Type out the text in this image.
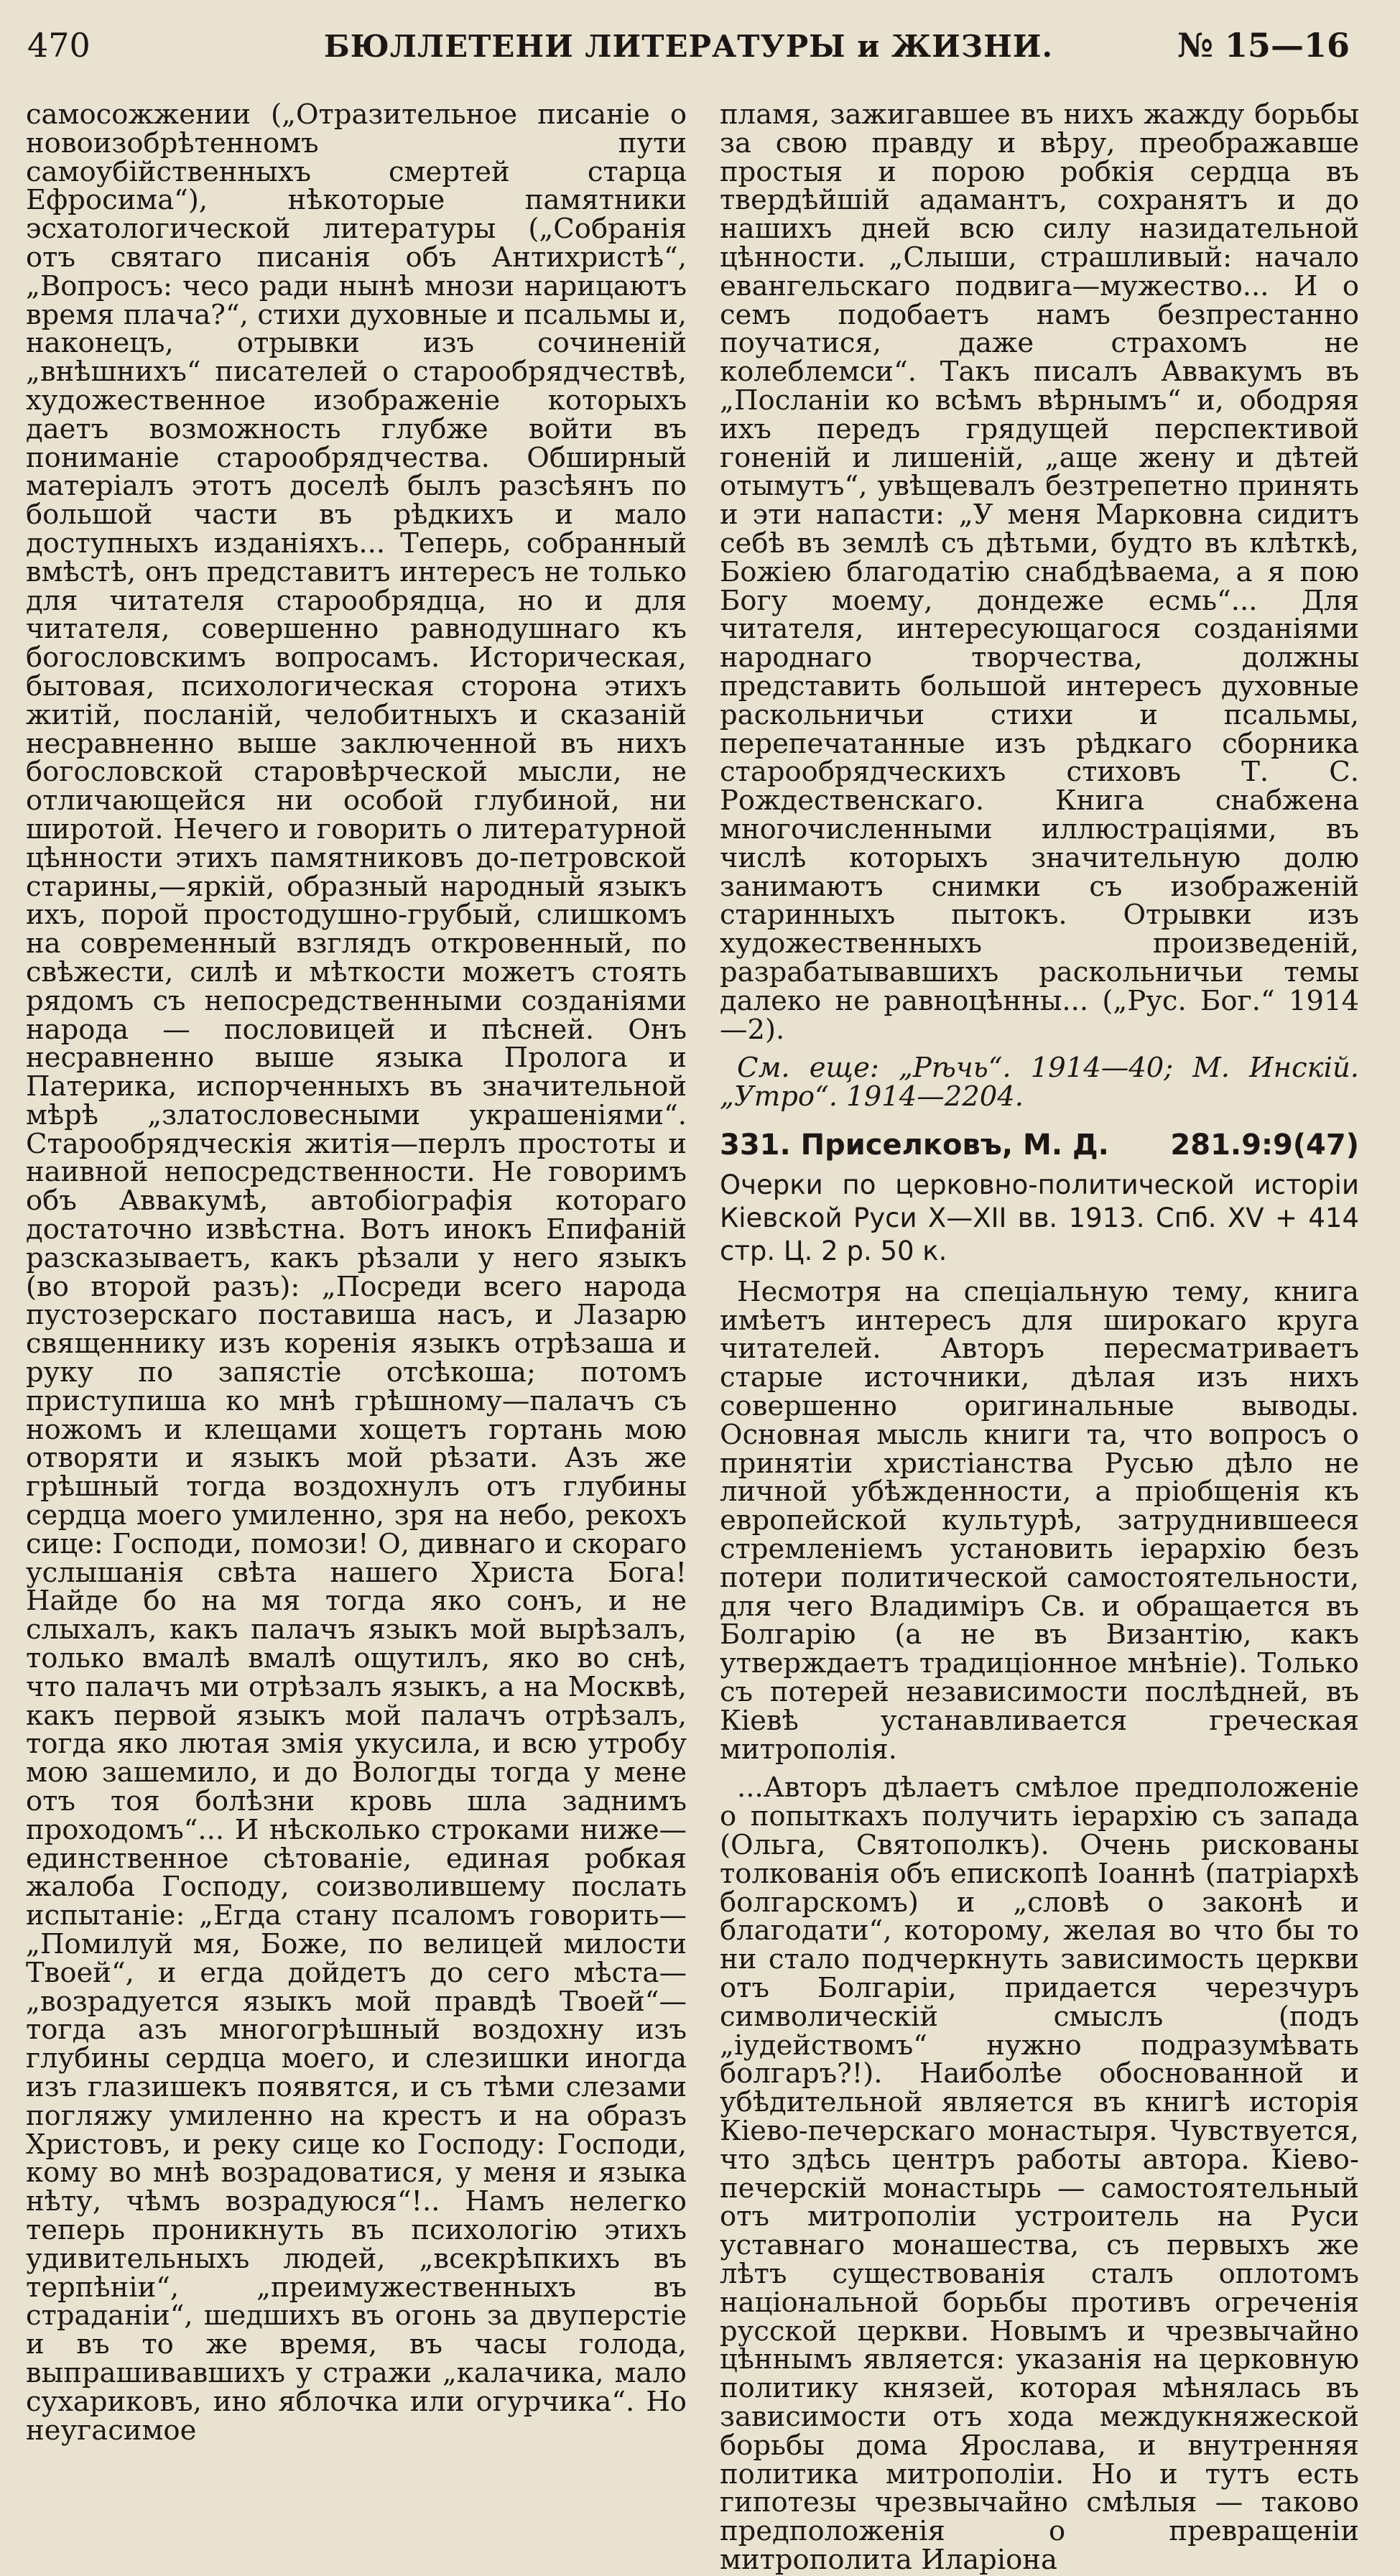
470	БЮЛЛЕТЕНИ ЛИТЕРАТУРЫ и ЖИЗНИ.	№ 15—16

самосожжении („Отразительное писаніе о новоизобрѣтенномъ пути самоубійственныхъ смертей старца Ефросима“), нѣкоторые памятники эсхатологической литературы („Собранія отъ святаго писанія объ Антихристѣ“, „Вопросъ: чесо ради нынѣ мнози нарицаютъ время плача?“, стихи духовные и псальмы и, наконецъ, отрывки изъ сочиненій „внѣшнихъ“ писателей о старообрядчествѣ, художественное изображеніе которыхъ даетъ возможность глубже войти въ пониманіе старообрядчества. Обширный матеріалъ этотъ доселѣ былъ разсѣянъ по большой части въ рѣдкихъ и мало доступныхъ изданіяхъ... Теперь, собранный вмѣстѣ, онъ представитъ интересъ не только для читателя старообрядца, но и для читателя, совершенно равнодушнаго къ богословскимъ вопросамъ. Историческая, бытовая, психологическая сторона этихъ житій, посланій, челобитныхъ и сказаній несравненно выше заключенной въ нихъ богословской старовѣрческой мысли, не отличающейся ни особой глубиной, ни широтой. Нечего и говорить о литературной цѣнности этихъ памятниковъ до-петровской старины,—яркій, образный народный языкъ ихъ, порой простодушно-грубый, слишкомъ на современный взглядъ откровенный, по свѣжести, силѣ и мѣткости можетъ стоять рядомъ съ непосредственными созданіями народа — пословицей и пѣсней. Онъ несравненно выше языка Пролога и Патерика, испорченныхъ въ значительной мѣрѣ „златословесными украшеніями“. Старообрядческія житія—перлъ простоты и наивной непосредственности. Не говоримъ объ Аввакумѣ, автобіографія котораго достаточно извѣстна. Вотъ инокъ Епифаній разсказываетъ, какъ рѣзали у него языкъ (во второй разъ): „Посреди всего народа пустозерскаго поставиша насъ, и Лазарю священнику изъ коренія языкъ отрѣзаша и руку по запястіе отсѣкоша; потомъ приступиша ко мнѣ грѣшному—палачъ съ ножомъ и клещами хощетъ гортань мою отворяти и языкъ мой рѣзати. Азъ же грѣшный тогда воздохнулъ отъ глубины сердца моего умиленно, зря на небо, рекохъ сице: Господи, помози! О, дивнаго и скораго услышанія свѣта нашего Христа Бога! Найде бо на мя тогда яко сонъ, и не слыхалъ, какъ палачъ языкъ мой вырѣзалъ, только вмалѣ вмалѣ ощутилъ, яко во снѣ, что палачъ ми отрѣзалъ языкъ, а на Москвѣ, какъ первой языкъ мой палачъ отрѣзалъ, тогда яко лютая змія укусила, и всю утробу мою зашемило, и до Вологды тогда у мене отъ тоя болѣзни кровь шла заднимъ проходомъ“... И нѣсколько строками ниже—единственное сѣтованіе, единая робкая жалоба Господу, соизволившему послать испытаніе: „Егда стану псаломъ говорить—„Помилуй мя, Боже, по велицей милости Твоей“, и егда дойдетъ до сего мѣста—„возрадуется языкъ мой правдѣ Твоей“—тогда азъ многогрѣшный воздохну изъ глубины сердца моего, и слезишки иногда изъ глазишекъ появятся, и съ тѣми слезами погляжу умиленно на крестъ и на образъ Христовъ, и реку сице ко Господу: Господи, кому во мнѣ возрадоватися, у меня и языка нѣту, чѣмъ возрадуюся“!.. Намъ нелегко теперь проникнуть въ психологію этихъ удивительныхъ людей, „всекрѣпкихъ въ терпѣніи“, „преимужественныхъ въ страданіи“, шедшихъ въ огонь за двуперстіе и въ то же время, въ часы голода, выпрашивавшихъ у стражи „калачика, мало сухариковъ, ино яблочка или огурчика“. Но неугасимое

пламя, зажигавшее въ нихъ жажду борьбы за свою правду и вѣру, преображавше простыя и порою робкія сердца въ твердѣйшій адамантъ, сохранятъ и до нашихъ дней всю силу назидательной цѣнности. „Слыши, страшливый: начало евангельскаго подвига—мужество... И о семъ подобаетъ намъ безпрестанно поучатися, даже страхомъ не колеблемси“. Такъ писалъ Аввакумъ въ „Посланіи ко всѣмъ вѣрнымъ“ и, ободряя ихъ передъ грядущей перспективой гоненій и лишеній, „аще жену и дѣтей отымутъ“, увѣщевалъ безтрепетно принять и эти напасти: „У меня Марковна сидитъ себѣ въ землѣ съ дѣтьми, будто въ клѣткѣ, Божіею благодатію снабдѣваема, а я пою Богу моему, дондеже есмь“... Для читателя, интересующагося созданіями народнаго творчества, должны представить большой интересъ духовные раскольничьи стихи и псальмы, перепечатанные изъ рѣдкаго сборника старообрядческихъ стиховъ Т. С. Рождественскаго. Книга снабжена многочисленными иллюстраціями, въ числѣ которыхъ значительную долю занимаютъ снимки съ изображеній старинныхъ пытокъ. Отрывки изъ художественныхъ произведеній, разрабатывавшихъ раскольничьи темы далеко не равноцѣнны... („Рус. Бог.“ 1914—2).

См. еще: „Рѣчь“. 1914—40; М. Инскій. „Утро“. 1914—2204.

331. Приселковъ, М. Д. 281.9:9(47)
Очерки по церковно-политической исторіи Кіевской Руси X—XII вв. 1913. Спб. XV + 414 стр. Ц. 2 р. 50 к.

Несмотря на спеціальную тему, книга имѣетъ интересъ для широкаго круга читателей. Авторъ пересматриваетъ старые источники, дѣлая изъ нихъ совершенно оригинальные выводы. Основная мысль книги та, что вопросъ о принятіи христіанства Русью дѣло не личной убѣжденности, а пріобщенія къ европейской культурѣ, затруднившееся стремленіемъ установить іерархію безъ потери политической самостоятельности, для чего Владиміръ Св. и обращается въ Болгарію (а не въ Византію, какъ утверждаетъ традиціонное мнѣніе). Только съ потерей независимости послѣдней, въ Кіевѣ устанавливается греческая митрополія.

...Авторъ дѣлаетъ смѣлое предположеніе о попыткахъ получить іерархію съ запада (Ольга, Святополкъ). Очень рискованы толкованія объ епископѣ Іоаннѣ (патріархѣ болгарскомъ) и „словѣ о законѣ и благодати“, которому, желая во что бы то ни стало подчеркнуть зависимость церкви отъ Болгаріи, придается черезчуръ символическій смыслъ (подъ „іудействомъ“ нужно подразумѣвать болгаръ?!). Наиболѣе обоснованной и убѣдительной является въ книгѣ исторія Кіево-печерскаго монастыря. Чувствуется, что здѣсь центръ работы автора. Кіево-печерскій монастырь — самостоятельный отъ митрополіи устроитель на Руси уставнаго монашества, съ первыхъ же лѣтъ существованія сталъ оплотомъ національной борьбы противъ огреченія русской церкви. Новымъ и чрезвычайно цѣннымъ является: указанія на церковную политику князей, которая мѣнялась въ зависимости отъ хода междукняжеской борьбы дома Ярослава, и внутренняя политика митрополіи. Но и тутъ есть гипотезы чрезвычайно смѣлыя — таково предположенія о превращеніи митрополита Иларіона
